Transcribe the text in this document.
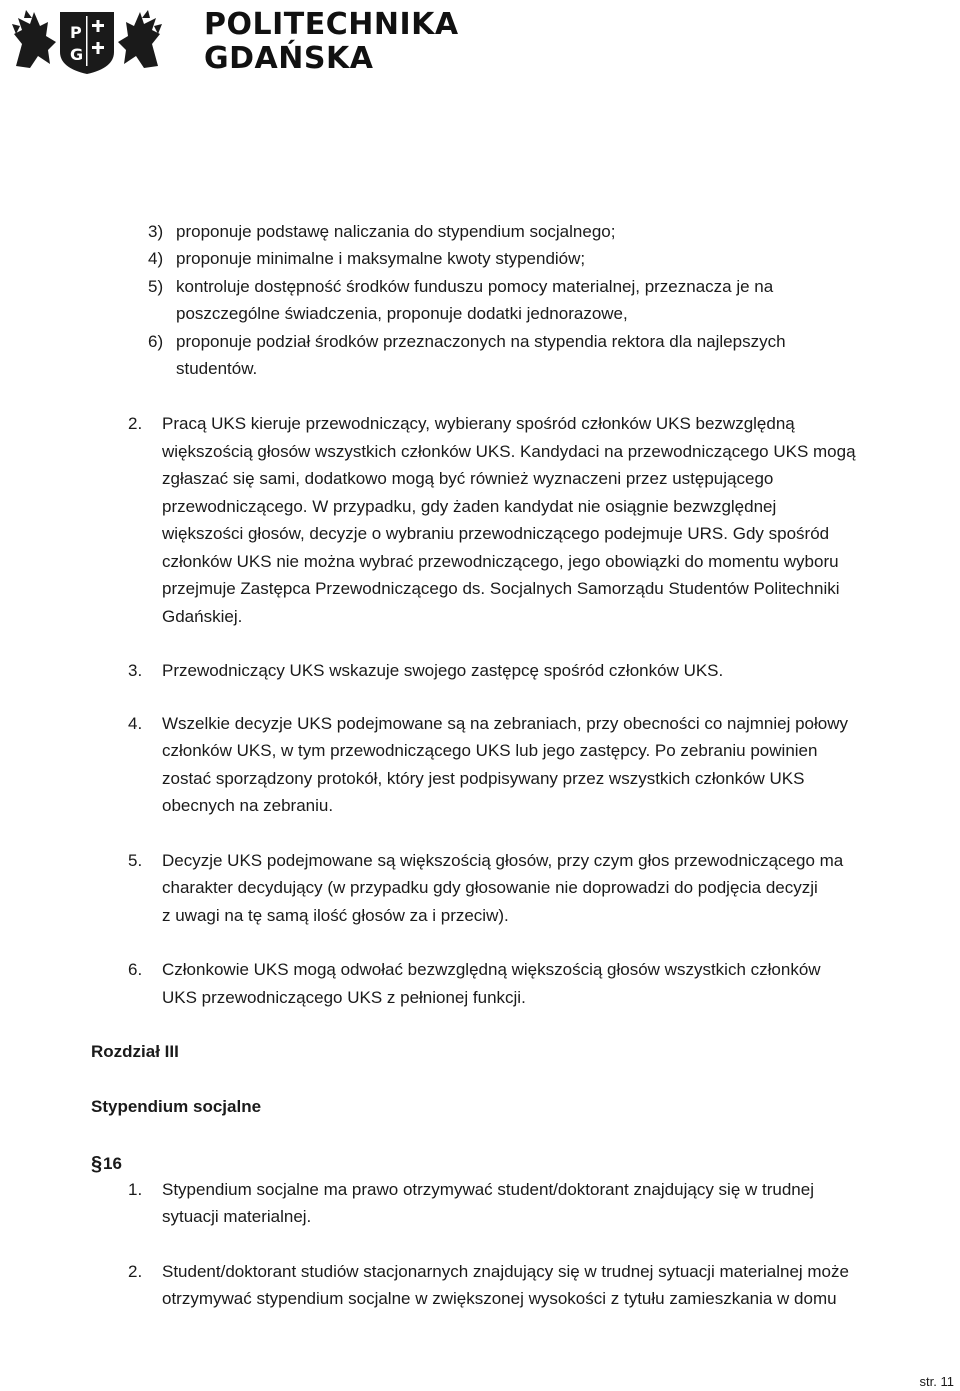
P
G
POLITECHNIKA
GDAŃSKA
3) proponuje podstawę naliczania do stypendium socjalnego;
4) proponuje minimalne i maksymalne kwoty stypendiów;
5) kontroluje dostępność środków funduszu pomocy materialnej, przeznacza je na
poszczególne świadczenia, proponuje dodatki jednorazowe,
6) proponuje podział środków przeznaczonych na stypendia rektora dla najlepszych
studentów.
2. Pracą UKS kieruje przewodniczący, wybierany spośród członków UKS bezwzględną
większością głosów wszystkich członków UKS. Kandydaci na przewodniczącego UKS mogą
zgłaszać się sami, dodatkowo mogą być również wyznaczeni przez ustępującego
przewodniczącego. W przypadku, gdy żaden kandydat nie osiągnie bezwzględnej
większości głosów, decyzje o wybraniu przewodniczącego podejmuje URS. Gdy spośród
członków UKS nie można wybrać przewodniczącego, jego obowiązki do momentu wyboru
przejmuje Zastępca Przewodniczącego ds. Socjalnych Samorządu Studentów Politechniki
Gdańskiej.
3. Przewodniczący UKS wskazuje swojego zastępcę spośród członków UKS.
4. Wszelkie decyzje UKS podejmowane są na zebraniach, przy obecności co najmniej połowy
członków UKS, w tym przewodniczącego UKS lub jego zastępcy. Po zebraniu powinien
zostać sporządzony protokół, który jest podpisywany przez wszystkich członków UKS
obecnych na zebraniu.
5. Decyzje UKS podejmowane są większością głosów, przy czym głos przewodniczącego ma
charakter decydujący (w przypadku gdy głosowanie nie doprowadzi do podjęcia decyzji
z uwagi na tę samą ilość głosów za i przeciw).
6. Członkowie UKS mogą odwołać bezwzględną większością głosów wszystkich członków
UKS przewodniczącego UKS z pełnionej funkcji.
Rozdział III
Stypendium socjalne
§ 16
1. Stypendium socjalne ma prawo otrzymywać student/doktorant znajdujący się w trudnej
sytuacji materialnej.
2. Student/doktorant studiów stacjonarnych znajdujący się w trudnej sytuacji materialnej może
otrzymywać stypendium socjalne w zwiększonej wysokości z tytułu zamieszkania w domu
str. 11
